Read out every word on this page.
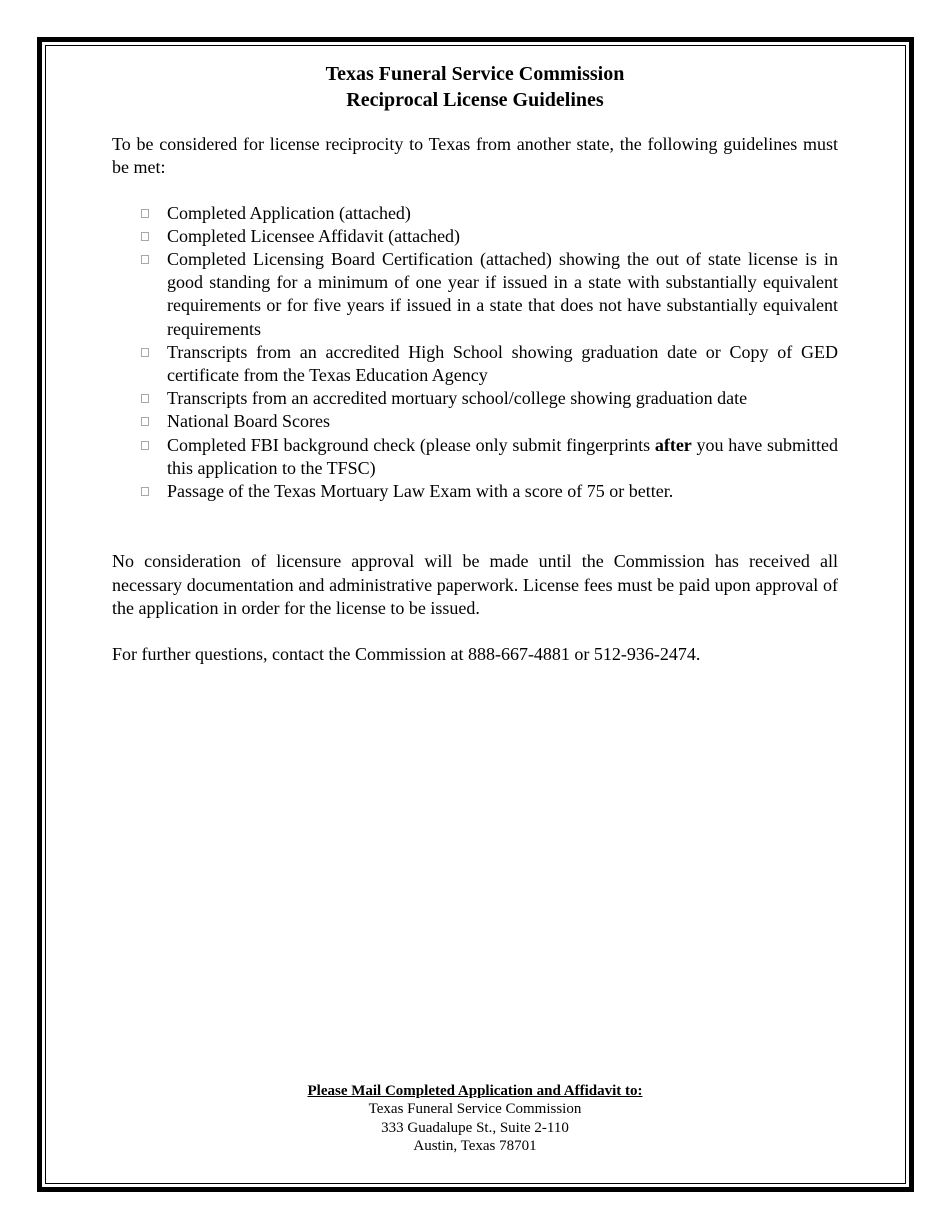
Texas Funeral Service Commission
Reciprocal License Guidelines

To be considered for license reciprocity to Texas from another state, the following guidelines must be met:

Completed Application (attached)
Completed Licensee Affidavit (attached)
Completed Licensing Board Certification (attached) showing the out of state license is in good standing for a minimum of one year if issued in a state with substantially equivalent requirements or for five years if issued in a state that does not have substantially equivalent requirements
Transcripts from an accredited High School showing graduation date or Copy of GED certificate from the Texas Education Agency
Transcripts from an accredited mortuary school/college showing graduation date
National Board Scores
Completed FBI background check (please only submit fingerprints after you have submitted this application to the TFSC)
Passage of the Texas Mortuary Law Exam with a score of 75 or better.

No consideration of licensure approval will be made until the Commission has received all necessary documentation and administrative paperwork. License fees must be paid upon approval of the application in order for the license to be issued.

For further questions, contact the Commission at 888-667-4881 or 512-936-2474.

Please Mail Completed Application and Affidavit to:
Texas Funeral Service Commission
333 Guadalupe St., Suite 2-110
Austin, Texas 78701
